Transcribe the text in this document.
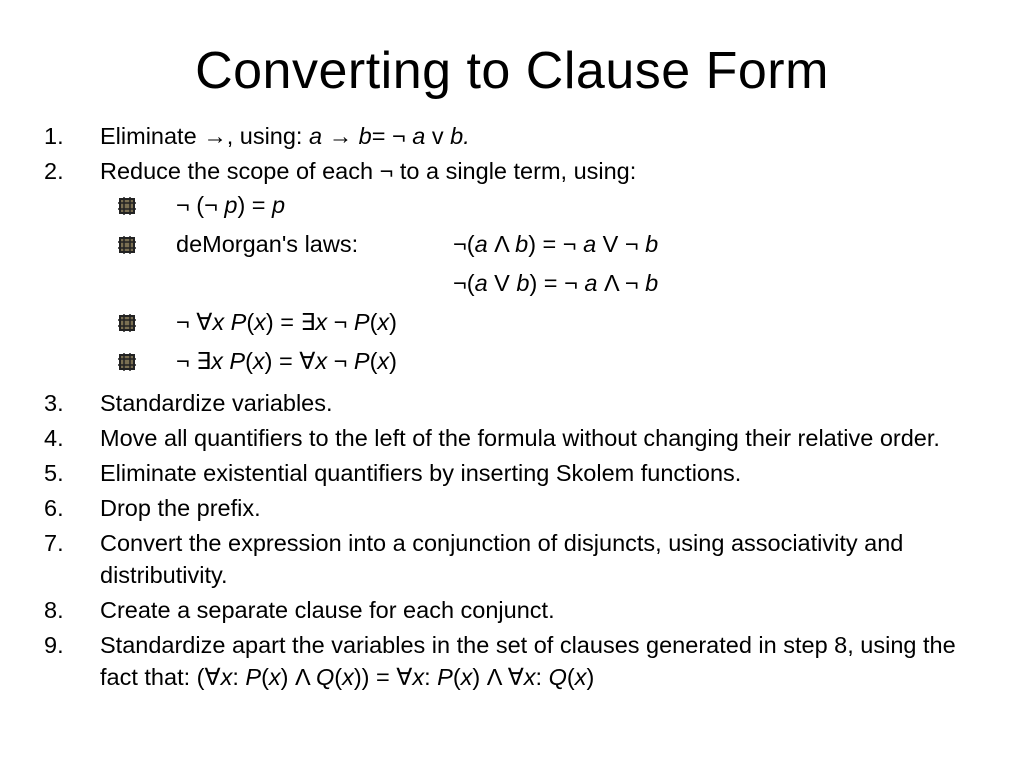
Converting to Clause Form
1. Eliminate →, using: a → b= ¬ a v b.
2. Reduce the scope of each ¬ to a single term, using:
¬ (¬ p) = p
deMorgan's laws:	¬(a Λ b) = ¬ a V ¬ b
¬(a V b) = ¬ a Λ ¬ b
¬ ∀x P(x) = ∃x ¬ P(x)
¬ ∃x P(x) = ∀x ¬ P(x)
3. Standardize variables.
4. Move all quantifiers to the left of the formula without changing their relative order.
5. Eliminate existential quantifiers by inserting Skolem functions.
6. Drop the prefix.
7. Convert the expression into a conjunction of disjuncts, using associativity and distributivity.
8. Create a separate clause for each conjunct.
9. Standardize apart the variables in the set of clauses generated in step 8, using the fact that: (∀x: P(x) Λ Q(x)) = ∀x: P(x) Λ ∀x: Q(x)
